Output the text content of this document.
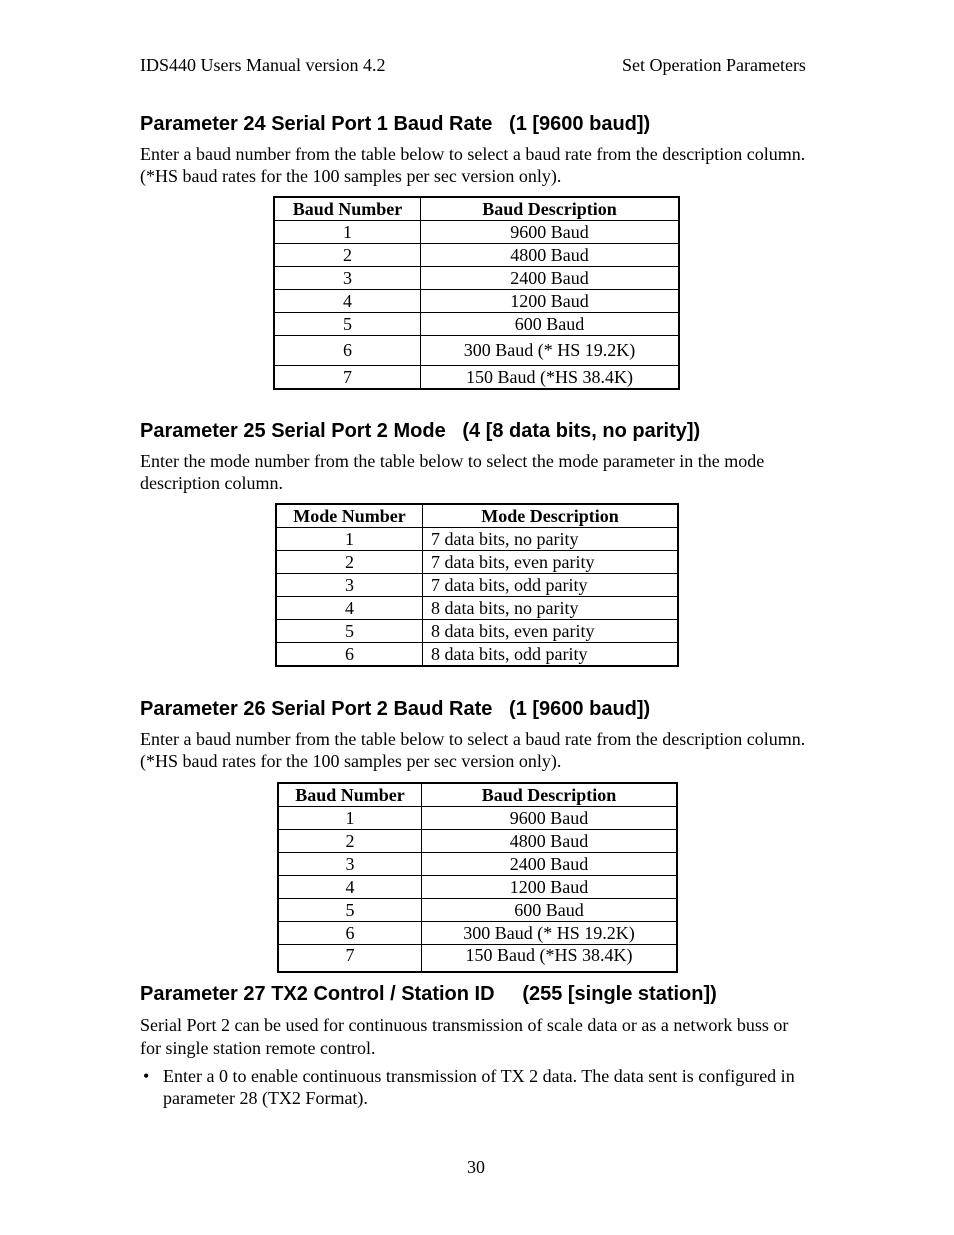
IDS440 Users Manual version 4.2	Set Operation Parameters
Parameter 24 Serial Port 1 Baud Rate   (1 [9600 baud])

Enter a baud number from the table below to select a baud rate from the description column. (*HS baud rates for the 100 samples per sec version only).

Baud Number	Baud Description
1	9600 Baud
2	4800 Baud
3	2400 Baud
4	1200 Baud
5	600 Baud
6	300 Baud (* HS 19.2K)
7	150 Baud (*HS 38.4K)
Parameter 25 Serial Port 2 Mode   (4 [8 data bits, no parity])

Enter the mode number from the table below to select the mode parameter in the mode description column.

Mode Number	Mode Description
1	7 data bits, no parity
2	7 data bits, even parity
3	7 data bits, odd parity
4	8 data bits, no parity
5	8 data bits, even parity
6	8 data bits, odd parity
Parameter 26 Serial Port 2 Baud Rate   (1 [9600 baud])

Enter a baud number from the table below to select a baud rate from the description column. (*HS baud rates for the 100 samples per sec version only).

Baud Number	Baud Description
1	9600 Baud
2	4800 Baud
3	2400 Baud
4	1200 Baud
5	600 Baud
6	300 Baud (* HS 19.2K)
7	150 Baud (*HS 38.4K)
Parameter 27 TX2 Control / Station ID     (255 [single station])

Serial Port 2 can be used for continuous transmission of scale data or as a network buss or for single station remote control.

• Enter a 0 to enable continuous transmission of TX 2 data. The data sent is configured in parameter 28 (TX2 Format).
30
